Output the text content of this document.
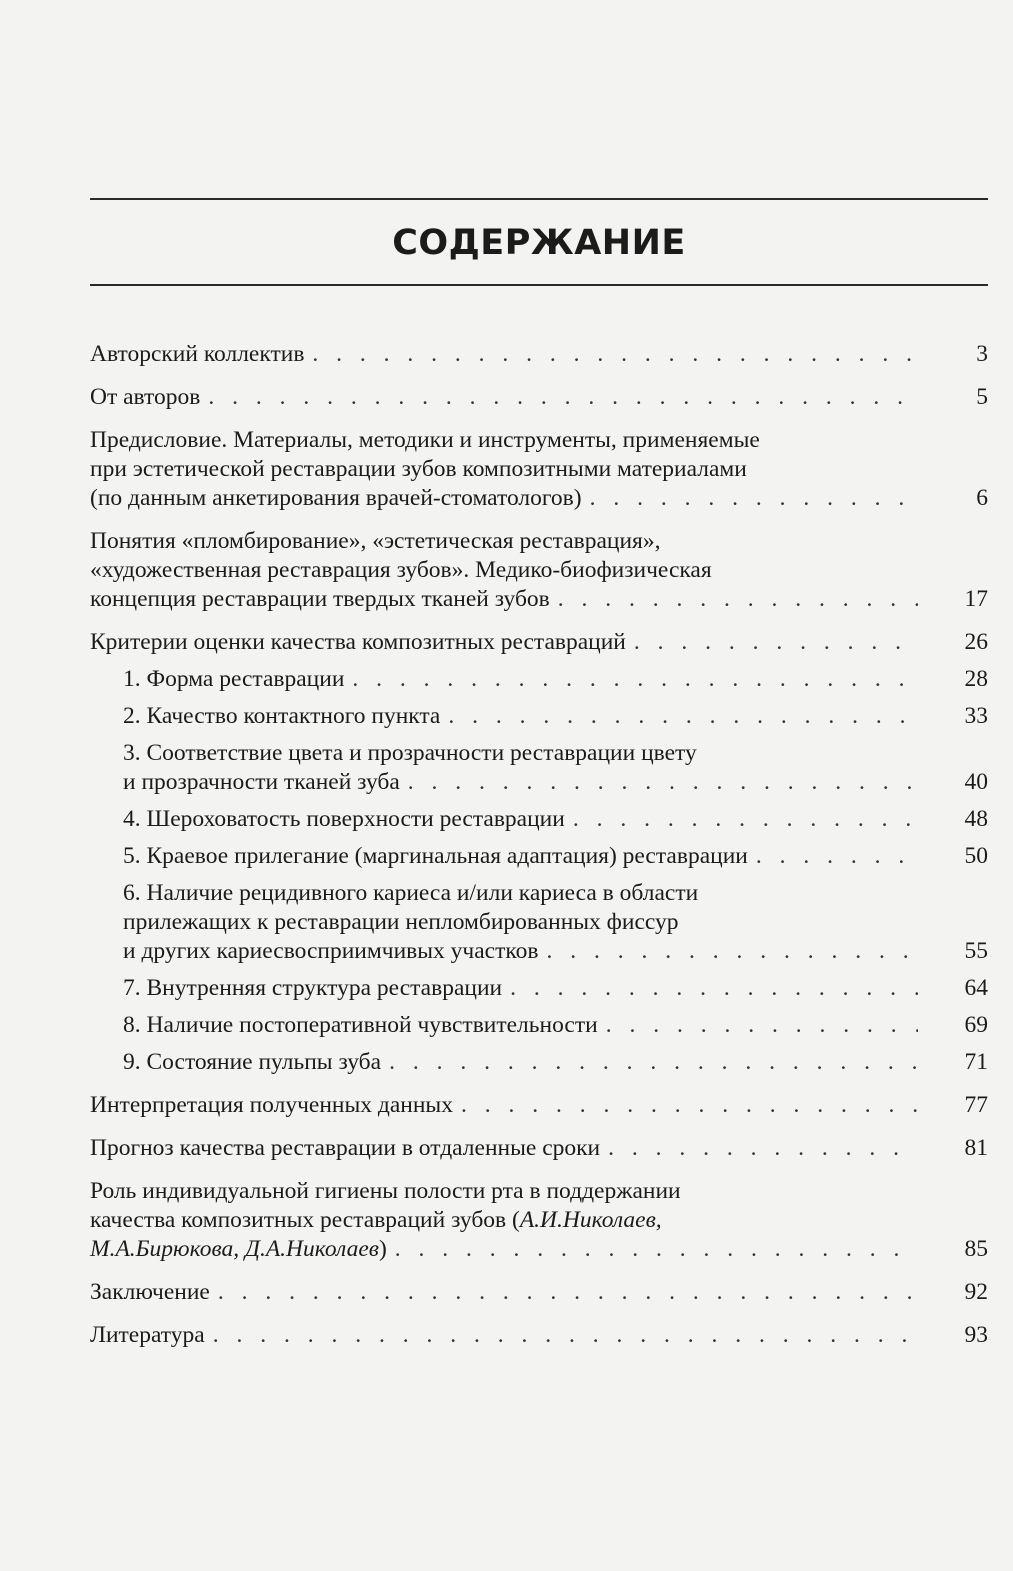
СОДЕРЖАНИЕ
Авторский коллектив . . .	3
От авторов . . .	5
Предисловие. Материалы, методики и инструменты, применяемые
при эстетической реставрации зубов композитными материалами
(по данным анкетирования врачей-стоматологов) . . .	6
Понятия «пломбирование», «эстетическая реставрация»,
«художественная реставрация зубов». Медико-биофизическая
концепция реставрации твердых тканей зубов . . .	17
Критерии оценки качества композитных реставраций . . .	26
1. Форма реставрации . . .	28
2. Качество контактного пункта . . .	33
3. Соответствие цвета и прозрачности реставрации цвету
и прозрачности тканей зуба . . .	40
4. Шероховатость поверхности реставрации . . .	48
5. Краевое прилегание (маргинальная адаптация) реставрации . . .	50
6. Наличие рецидивного кариеса и/или кариеса в области
прилежащих к реставрации непломбированных фиссур
и других кариесвосприимчивых участков . . .	55
7. Внутренняя структура реставрации . . .	64
8. Наличие постоперативной чувствительности . . .	69
9. Состояние пульпы зуба . . .	71
Интерпретация полученных данных . . .	77
Прогноз качества реставрации в отдаленные сроки . . .	81
Роль индивидуальной гигиены полости рта в поддержании
качества композитных реставраций зубов (А.И.Николаев,
М.А.Бирюкова, Д.А.Николаев) . . .	85
Заключение . . .	92
Литература . . .	93
